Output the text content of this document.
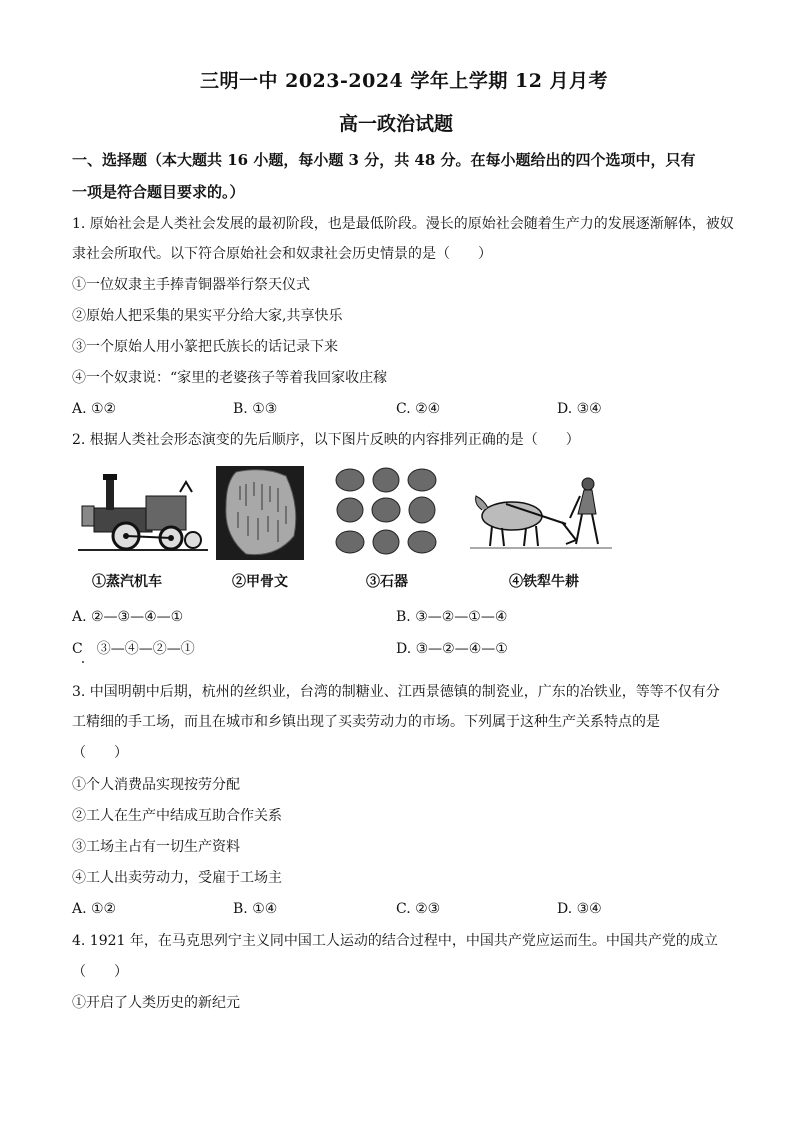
三明一中 2023-2024 学年上学期 12 月月考
高一政治试题
一、选择题（本大题共 16 小题，每小题 3 分，共 48 分。在每小题给出的四个选项中，只有
一项是符合题目要求的。）
1. 原始社会是人类社会发展的最初阶段，也是最低阶段。漫长的原始社会随着生产力的发展逐渐解体，被奴
隶社会所取代。以下符合原始社会和奴隶社会历史情景的是（　　）
①一位奴隶主手捧青铜器举行祭天仪式
②原始人把采集的果实平分给大家,共享快乐
③一个原始人用小篆把氏族长的话记录下来
④一个奴隶说：“家里的老婆孩子等着我回家收庄稼
A. ①②	B. ①③	C. ②④	D. ③④
2. 根据人类社会形态演变的先后顺序，以下图片反映的内容排列正确的是（　　）
①蒸汽机车	②甲骨文	③石器	④铁犁牛耕
A. ②—③—④—①	B. ③—②—①—④
C　③—④—②—①	D. ③—②—④—①
3. 中国明朝中后期，杭州的丝织业，台湾的制糖业、江西景德镇的制瓷业，广东的冶铁业，等等不仅有分
工精细的手工场，而且在城市和乡镇出现了买卖劳动力的市场。下列属于这种生产关系特点的是
（　　）
①个人消费品实现按劳分配
②工人在生产中结成互助合作关系
③工场主占有一切生产资料
④工人出卖劳动力，受雇于工场主
A. ①②	B. ①④	C. ②③	D. ③④
4. 1921 年，在马克思列宁主义同中国工人运动的结合过程中，中国共产党应运而生。中国共产党的成立
（　　）
①开启了人类历史的新纪元
